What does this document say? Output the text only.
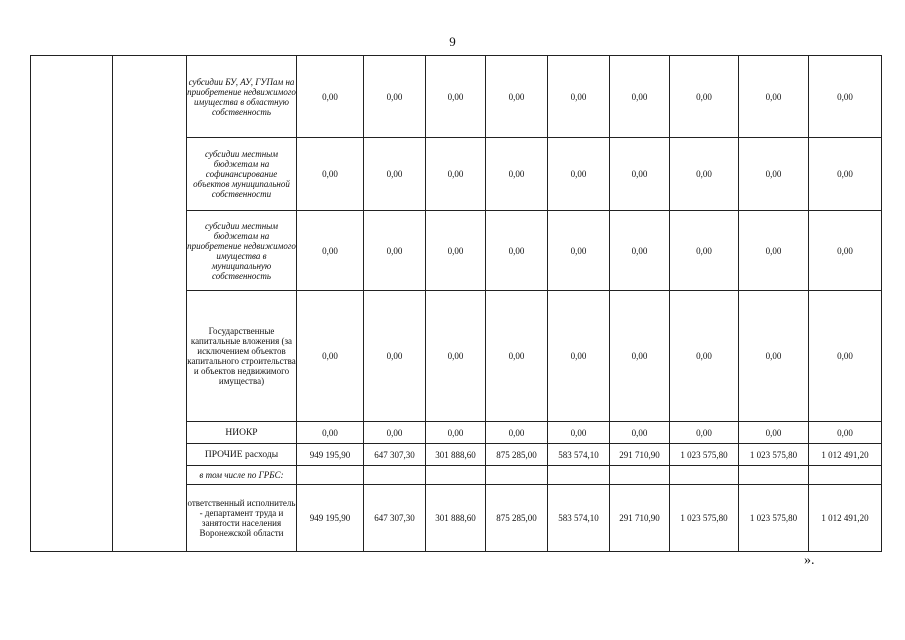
9
		субсидии БУ, АУ, ГУПам на приобретение недвижимого имущества в областную собственность	0,00	0,00	0,00	0,00	0,00	0,00	0,00	0,00	0,00
		субсидии местным бюджетам на софинансирование объектов муниципальной собственности	0,00	0,00	0,00	0,00	0,00	0,00	0,00	0,00	0,00
		субсидии местным бюджетам на приобретение недвижимого имущества в муниципальную собственность	0,00	0,00	0,00	0,00	0,00	0,00	0,00	0,00	0,00
		Государственные капитальные вложения (за исключением объектов капитального строительства и объектов недвижимого имущества)	0,00	0,00	0,00	0,00	0,00	0,00	0,00	0,00	0,00
		НИОКР	0,00	0,00	0,00	0,00	0,00	0,00	0,00	0,00	0,00
		ПРОЧИЕ расходы	949 195,90	647 307,30	301 888,60	875 285,00	583 574,10	291 710,90	1 023 575,80	1 023 575,80	1 012 491,20
		в том числе по ГРБС:									
		ответственный исполнитель - департамент труда и занятости населения Воронежской области	949 195,90	647 307,30	301 888,60	875 285,00	583 574,10	291 710,90	1 023 575,80	1 023 575,80	1 012 491,20
».
